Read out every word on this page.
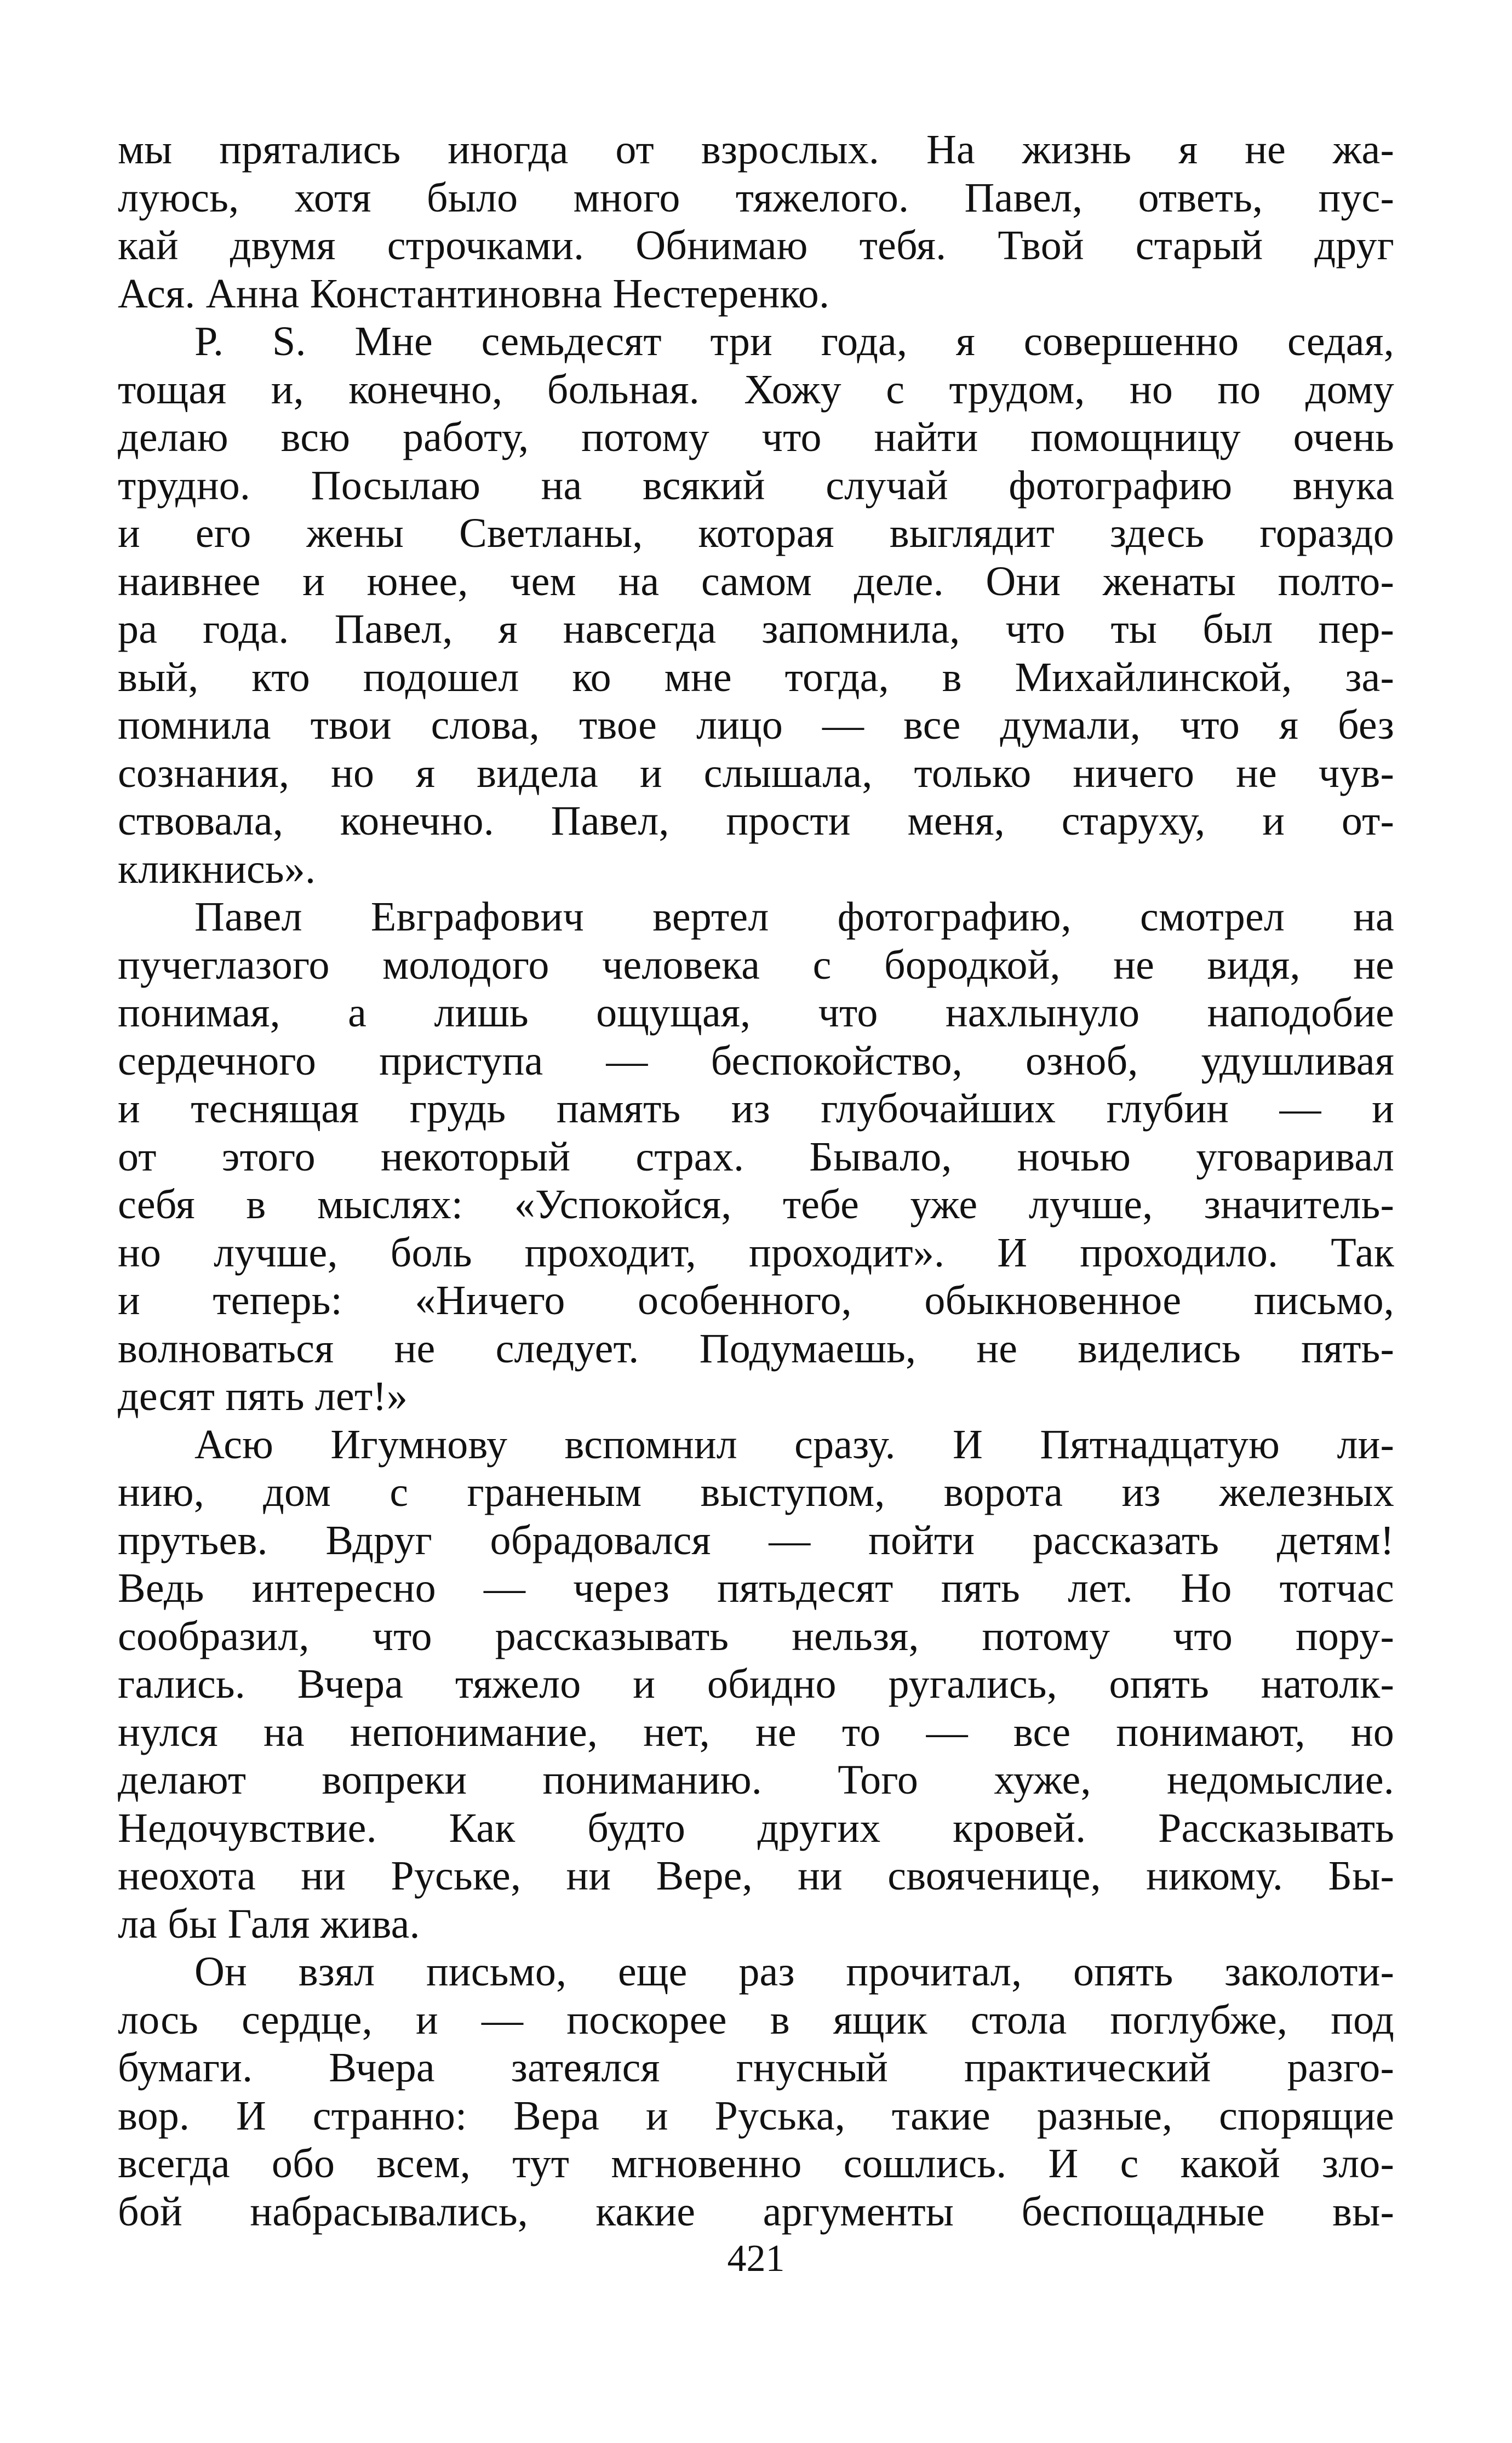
мы прятались иногда от взрослых. На жизнь я не жа-
луюсь, хотя было много тяжелого. Павел, ответь, пус-
кай двумя строчками. Обнимаю тебя. Твой старый друг
Ася. Анна Константиновна Нестеренко.
P. S. Мне семьдесят три года, я совершенно седая,
тощая и, конечно, больная. Хожу с трудом, но по дому
делаю всю работу, потому что найти помощницу очень
трудно. Посылаю на всякий случай фотографию внука
и его жены Светланы, которая выглядит здесь гораздо
наивнее и юнее, чем на самом деле. Они женаты полто-
ра года. Павел, я навсегда запомнила, что ты был пер-
вый, кто подошел ко мне тогда, в Михайлинской, за-
помнила твои слова, твое лицо — все думали, что я без
сознания, но я видела и слышала, только ничего не чув-
ствовала, конечно. Павел, прости меня, старуху, и от-
кликнись».
Павел Евграфович вертел фотографию, смотрел на
пучеглазого молодого человека с бородкой, не видя, не
понимая, а лишь ощущая, что нахлынуло наподобие
сердечного приступа — беспокойство, озноб, удушливая
и теснящая грудь память из глубочайших глубин — и
от этого некоторый страх. Бывало, ночью уговаривал
себя в мыслях: «Успокойся, тебе уже лучше, значитель-
но лучше, боль проходит, проходит». И проходило. Так
и теперь: «Ничего особенного, обыкновенное письмо,
волноваться не следует. Подумаешь, не виделись пять-
десят пять лет!»
Асю Игумнову вспомнил сразу. И Пятнадцатую ли-
нию, дом с граненым выступом, ворота из железных
прутьев. Вдруг обрадовался — пойти рассказать детям!
Ведь интересно — через пятьдесят пять лет. Но тотчас
сообразил, что рассказывать нельзя, потому что пору-
гались. Вчера тяжело и обидно ругались, опять натолк-
нулся на непонимание, нет, не то — все понимают, но
делают вопреки пониманию. Того хуже, недомыслие.
Недочувствие. Как будто других кровей. Рассказывать
неохота ни Руське, ни Вере, ни свояченице, никому. Бы-
ла бы Галя жива.
Он взял письмо, еще раз прочитал, опять заколоти-
лось сердце, и — поскорее в ящик стола поглубже, под
бумаги. Вчера затеялся гнусный практический разго-
вор. И странно: Вера и Руська, такие разные, спорящие
всегда обо всем, тут мгновенно сошлись. И с какой зло-
бой набрасывались, какие аргументы беспощадные вы-
421
